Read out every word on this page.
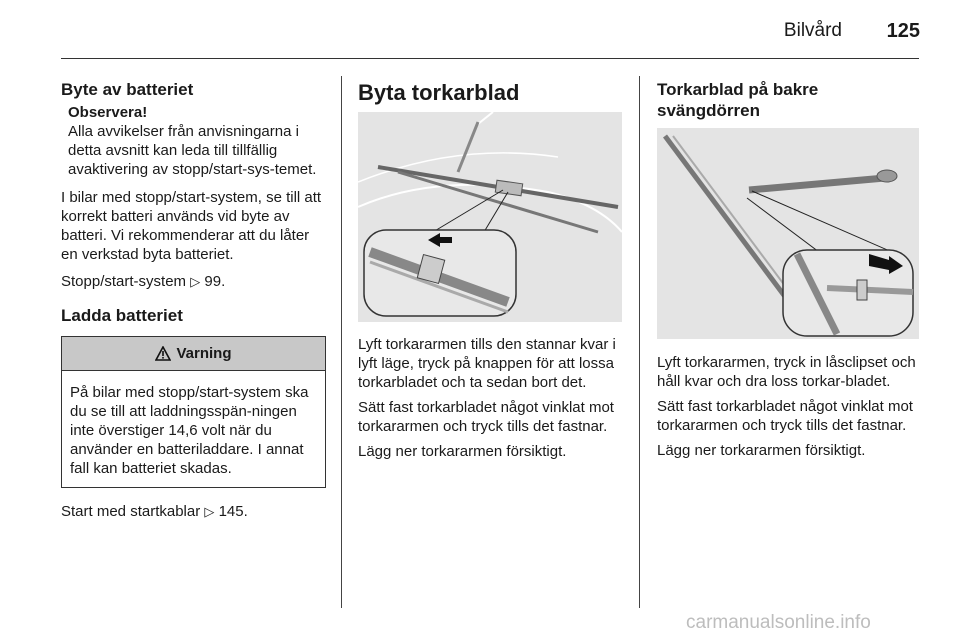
Bilvård 125
Byte av batteriet
Observera!
Alla avvikelser från anvisningarna i detta avsnitt kan leda till tillfällig avaktivering av stopp/start-sys-temet.

I bilar med stopp/start-system, se till att korrekt batteri används vid byte av batteri. Vi rekommenderar att du låter en verkstad byta batteriet.

Stopp/start-system ▷ 99.

Ladda batteriet
Varning
På bilar med stopp/start-system ska du se till att laddningsspän-ningen inte överstiger 14,6 volt när du använder en batteriladdare. I annat fall kan batteriet skadas.

Start med startkablar ▷ 145.

Byta torkarblad

Lyft torkararmen tills den stannar kvar i lyft läge, tryck på knappen för att lossa torkarbladet och ta sedan bort det.

Sätt fast torkarbladet något vinklat mot torkararmen och tryck tills det fastnar.

Lägg ner torkararmen försiktigt.

Torkarblad på bakre svängdörren

Lyft torkararmen, tryck in låsclipset och håll kvar och dra loss torkar-bladet.

Sätt fast torkarbladet något vinklat mot torkararmen och tryck tills det fastnar.

Lägg ner torkararmen försiktigt.

carmanualsonline.info
